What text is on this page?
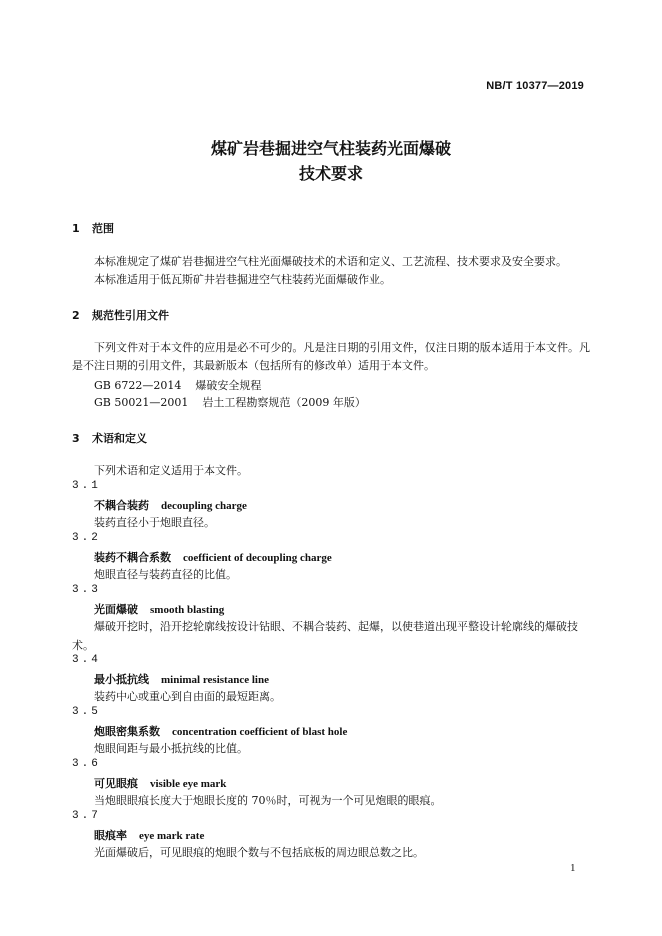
NB/T 10377—2019
煤矿岩巷掘进空气柱装药光面爆破
技术要求
1 范围
本标准规定了煤矿岩巷掘进空气柱光面爆破技术的术语和定义、工艺流程、技术要求及安全要求。
本标准适用于低瓦斯矿井岩巷掘进空气柱装药光面爆破作业。
2 规范性引用文件
下列文件对于本文件的应用是必不可少的。凡是注日期的引用文件，仅注日期的版本适用于本文件。凡是不注日期的引用文件，其最新版本（包括所有的修改单）适用于本文件。
GB 6722—2014 爆破安全规程
GB 50021—2001 岩土工程勘察规范（2009 年版）
3 术语和定义
下列术语和定义适用于本文件。
3.1
不耦合装药 decoupling charge
装药直径小于炮眼直径。
3.2
装药不耦合系数 coefficient of decoupling charge
炮眼直径与装药直径的比值。
3.3
光面爆破 smooth blasting
爆破开挖时，沿开挖轮廓线按设计钻眼、不耦合装药、起爆，以使巷道出现平整设计轮廓线的爆破技术。
3.4
最小抵抗线 minimal resistance line
装药中心或重心到自由面的最短距离。
3.5
炮眼密集系数 concentration coefficient of blast hole
炮眼间距与最小抵抗线的比值。
3.6
可见眼痕 visible eye mark
当炮眼眼痕长度大于炮眼长度的 70％时，可视为一个可见炮眼的眼痕。
3.7
眼痕率 eye mark rate
光面爆破后，可见眼痕的炮眼个数与不包括底板的周边眼总数之比。
1
